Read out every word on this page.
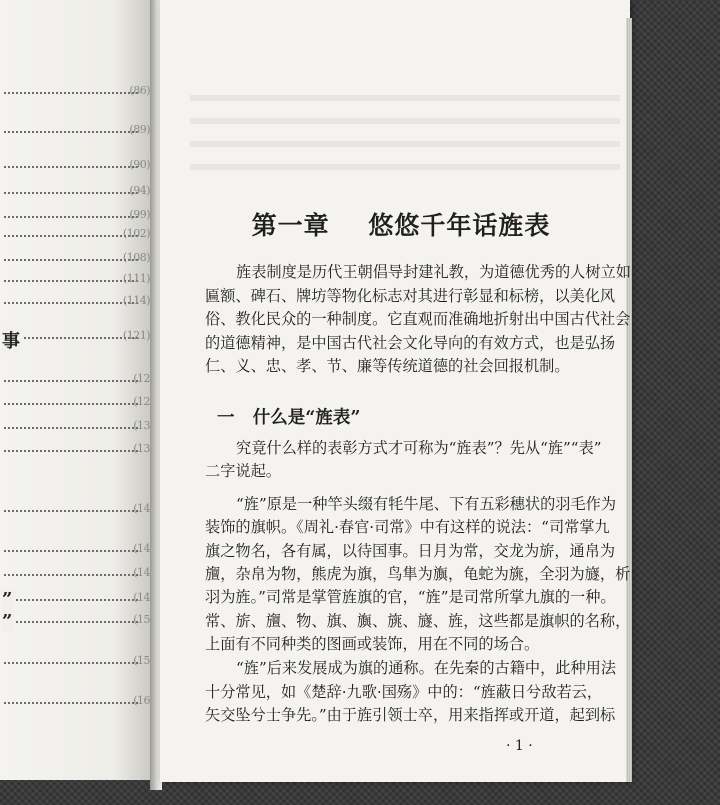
(86)
(89)
(90)
(94)
(99)
(102)
(108)
(111)
(114)
事	(121)
(12
(12
(13
(13
(14
(14
(14
”	(14
”	(15
(15
(16
第一章    悠悠千年话旌表
一   什么是“旌表”
· 1 ·
